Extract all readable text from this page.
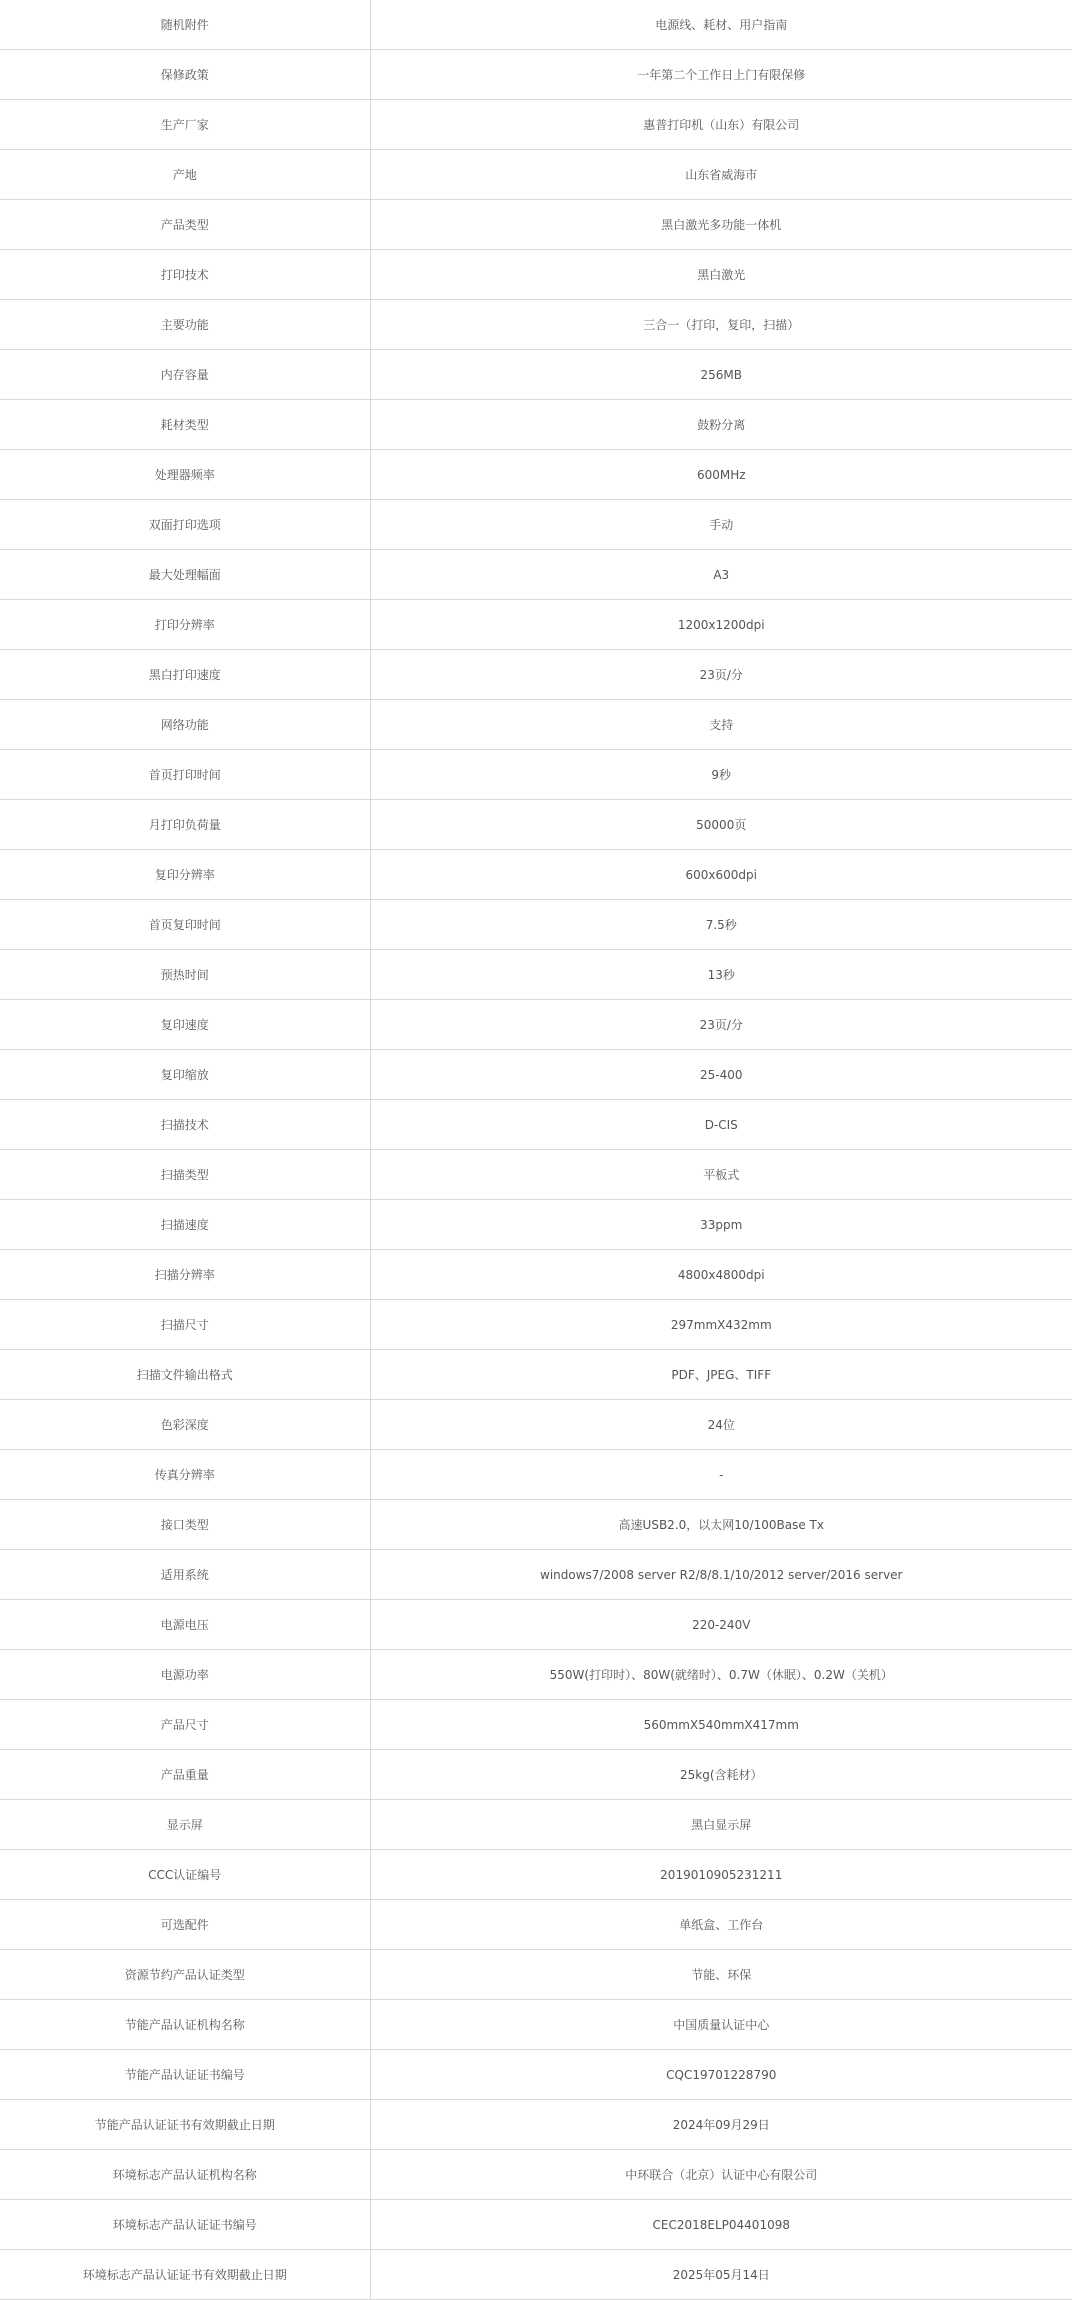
随机附件	电源线、耗材、用户指南
保修政策	一年第二个工作日上门有限保修
生产厂家	惠普打印机（山东）有限公司
产地	山东省威海市
产品类型	黑白激光多功能一体机
打印技术	黑白激光
主要功能	三合一（打印，复印，扫描）
内存容量	256MB
耗材类型	鼓粉分离
处理器频率	600MHz
双面打印选项	手动
最大处理幅面	A3
打印分辨率	1200x1200dpi
黑白打印速度	23页/分
网络功能	支持
首页打印时间	9秒
月打印负荷量	50000页
复印分辨率	600x600dpi
首页复印时间	7.5秒
预热时间	13秒
复印速度	23页/分
复印缩放	25-400
扫描技术	D-CIS
扫描类型	平板式
扫描速度	33ppm
扫描分辨率	4800x4800dpi
扫描尺寸	297mmX432mm
扫描文件输出格式	PDF、JPEG、TIFF
色彩深度	24位
传真分辨率	-
接口类型	高速USB2.0，以太网10/100Base Tx
适用系统	windows7/2008 server R2/8/8.1/10/2012 server/2016 server
电源电压	220-240V
电源功率	550W(打印时）、80W(就绪时）、0.7W（休眠）、0.2W（关机）
产品尺寸	560mmX540mmX417mm
产品重量	25kg(含耗材）
显示屏	黑白显示屏
CCC认证编号	2019010905231211
可选配件	单纸盒、工作台
资源节约产品认证类型	节能、环保
节能产品认证机构名称	中国质量认证中心
节能产品认证证书编号	CQC19701228790
节能产品认证证书有效期截止日期	2024年09月29日
环境标志产品认证机构名称	中环联合（北京）认证中心有限公司
环境标志产品认证证书编号	CEC2018ELP04401098
环境标志产品认证证书有效期截止日期	2025年05月14日
